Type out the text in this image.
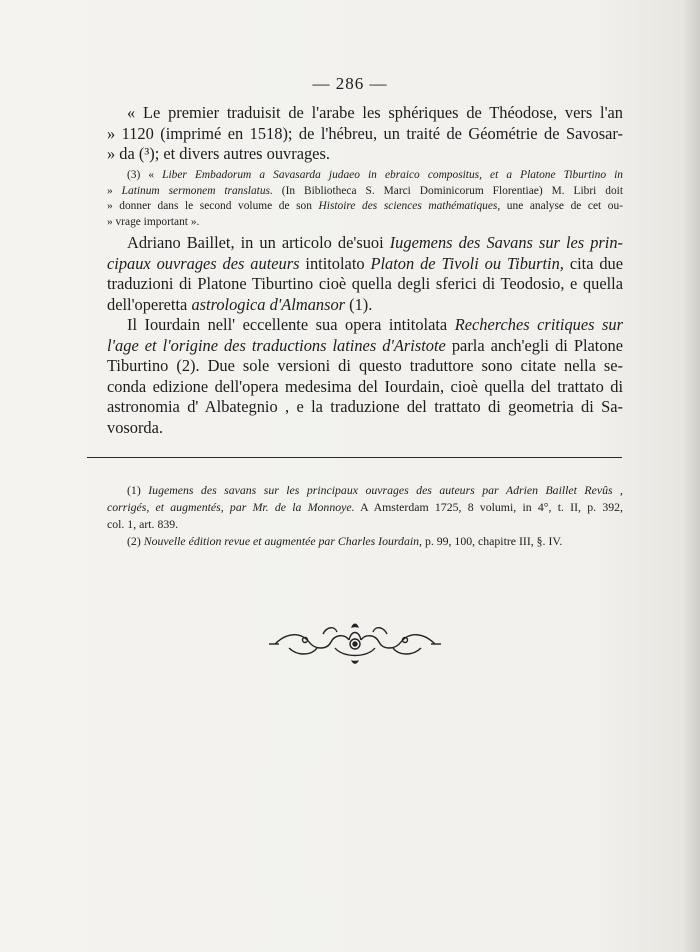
— 286 —
« Le premier traduisit de l'arabe les sphériques de Théodose, vers l'an
» 1120 (imprimé en 1518); de l'hébreu, un traité de Géométrie de Savosar-
» da (³); et divers autres ouvrages.
(3) « Liber Embadorum a Savasarda judaeo in ebraico compositus, et a Platone Tiburtino in
» Latinum sermonem translatus. (In Bibliotheca S. Marci Dominicorum Florentiae) M. Libri doit
» donner dans le second volume de son Histoire des sciences mathématiques, une analyse de cet ou-
» vrage important ».
Adriano Baillet, in un articolo de'suoi Iugemens des Savans sur les prin-
cipaux ouvrages des auteurs intitolato Platon de Tivoli ou Tiburtin, cita due
traduzioni di Platone Tiburtino cioè quella degli sferici di Teodosio, e quella
dell'operetta astrologica d'Almansor (1).
Il Iourdain nell' eccellente sua opera intitolata Recherches critiques sur
l'age et l'origine des traductions latines d'Aristote parla anch'egli di Platone
Tiburtino (2). Due sole versioni di questo traduttore sono citate nella se-
conda edizione dell'opera medesima del Iourdain, cioè quella del trattato di
astronomia d' Albategnio , e la traduzione del trattato di geometria di Sa-
vosorda.
(1) Iugemens des savans sur les principaux ouvrages des auteurs par Adrien Baillet Revûs ,
corrigés, et augmentés, par Mr. de la Monnoye. A Amsterdam 1725, 8 volumi, in 4°, t. II, p. 392,
col. 1, art. 839.
(2) Nouvelle édition revue et augmentée par Charles Iourdain, p. 99, 100, chapitre III, §. IV.
